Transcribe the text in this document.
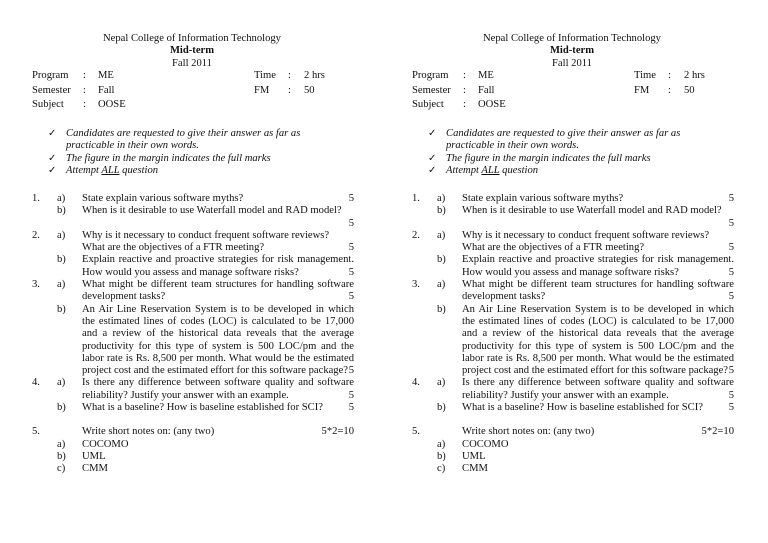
Nepal College of Information Technology
Mid-term
Fall 2011
Program : ME	Time : 2 hrs
Semester : Fall	FM : 50
Subject : OOSE
✓ Candidates are requested to give their answer as far as practicable in their own words.
✓ The figure in the margin indicates the full marks
✓ Attempt ALL question
1. a) State explain various software myths?	5
b) When is it desirable to use Waterfall model and RAD model?
5
2. a) Why is it necessary to conduct frequent software reviews?
What are the objectives of a FTR meeting?	5
b) Explain reactive and proactive strategies for risk management. How would you assess and manage software risks?	5
3. a) What might be different team structures for handling software development tasks?	5
b) An Air Line Reservation System is to be developed in which the estimated lines of codes (LOC) is calculated to be 17,000 and a review of the historical data reveals that the average productivity for this type of system is 500 LOC/pm and the labor rate is Rs. 8,500 per month. What would be the estimated project cost and the estimated effort for this software package? 5
4. a) Is there any difference between software quality and software reliability? Justify your answer with an example.	5
b) What is a baseline? How is baseline established for SCI? 5
5.	Write short notes on: (any two)	5*2=10
a) COCOMO
b) UML
c) CMM
Nepal College of Information Technology
Mid-term
Fall 2011
Program : ME	Time : 2 hrs
Semester : Fall	FM : 50
Subject : OOSE
✓ Candidates are requested to give their answer as far as practicable in their own words.
✓ The figure in the margin indicates the full marks
✓ Attempt ALL question
1. a) State explain various software myths?	5
b) When is it desirable to use Waterfall model and RAD model?
5
2. a) Why is it necessary to conduct frequent software reviews?
What are the objectives of a FTR meeting?	5
b) Explain reactive and proactive strategies for risk management. How would you assess and manage software risks?	5
3. a) What might be different team structures for handling software development tasks?	5
b) An Air Line Reservation System is to be developed in which the estimated lines of codes (LOC) is calculated to be 17,000 and a review of the historical data reveals that the average productivity for this type of system is 500 LOC/pm and the labor rate is Rs. 8,500 per month. What would be the estimated project cost and the estimated effort for this software package? 5
4. a) Is there any difference between software quality and software reliability? Justify your answer with an example.	5
b) What is a baseline? How is baseline established for SCI? 5
5.	Write short notes on: (any two)	5*2=10
a) COCOMO
b) UML
c) CMM
